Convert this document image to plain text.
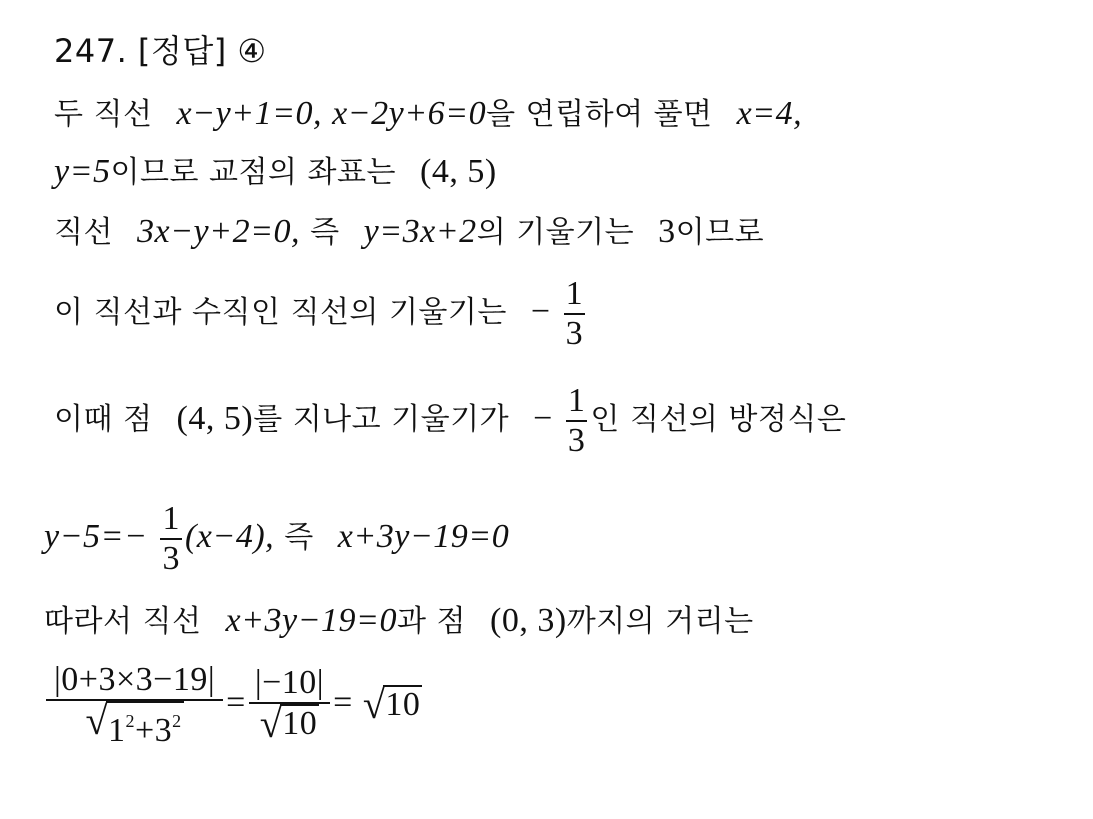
247. [정답] ④
두 직선 x−y+1=0, x−2y+6=0을 연립하여 풀면 x=4,
y=5이므로 교점의 좌표는 (4, 5)
직선 3x−y+2=0, 즉 y=3x+2의 기울기는 3이므로
이 직선과 수직인 직선의 기울기는 − $\frac{1}{3}$
이때 점 (4, 5)를 지나고 기울기가 − $\frac{1}{3}$ 인 직선의 방정식은
$y-5=- \frac{1}{3} (x-4)$, 즉 x+3y−19=0
따라서 직선 x+3y−19=0과 점 (0, 3)까지의 거리는
$\frac{|0+3\times 3-19|}{√ 1^2+3^2} = \frac{|-10|}{√ 10}$ = √ 10
